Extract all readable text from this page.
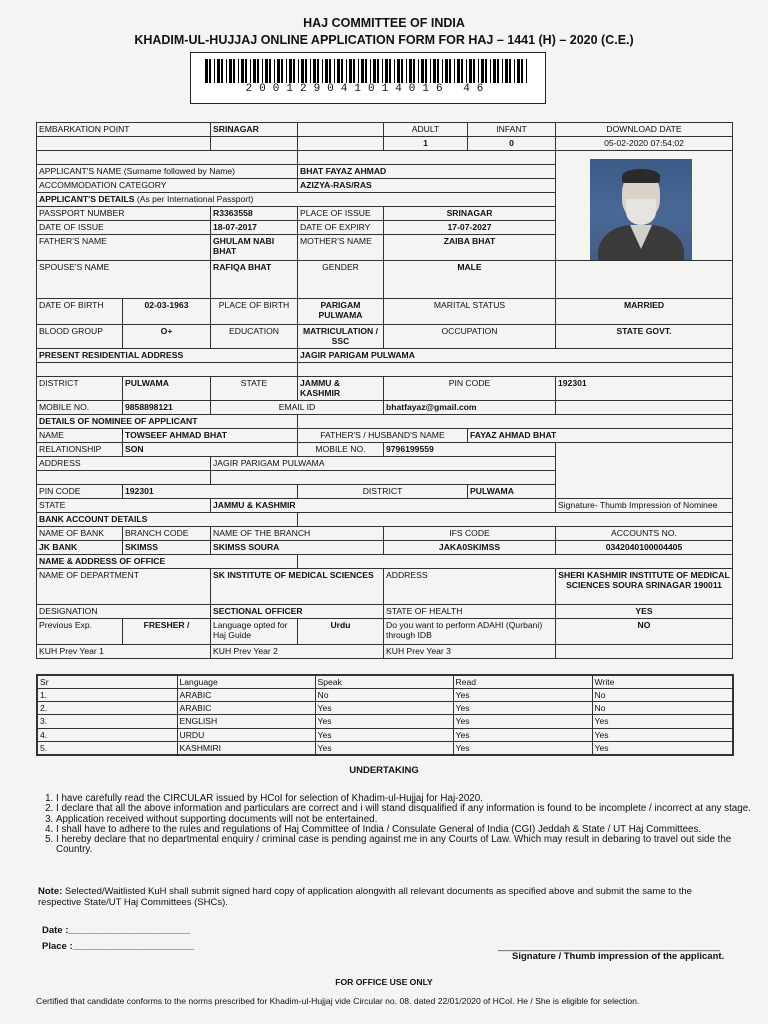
HAJ COMMITTEE OF INDIA
KHADIM-UL-HUJJAJ ONLINE APPLICATION FORM FOR HAJ – 1441 (H) – 2020 (C.E.)
200129041014016 46
EMBARKATION POINT		SRINAGAR		ADULT	INFANT	DOWNLOAD DATE
				1	0	05-02-2020 07:54:02

APPLICANT'S NAME (Surname followed by Name)			BHAT FAYAZ AHMAD			
ACCOMMODATION CATEGORY			AZIZYA-RAS/RAS			
APPLICANT'S DETAILS (As per International Passport)						
PASSPORT NUMBER		R3363558	PLACE OF ISSUE	SRINAGAR		
DATE OF ISSUE		18-07-2017	DATE OF EXPIRY	17-07-2027		
FATHER'S NAME		GHULAM NABI BHAT	MOTHER'S NAME	ZAIBA BHAT		
SPOUSE'S NAME		RAFIQA BHAT	GENDER	MALE		
DATE OF BIRTH	02-03-1963	PLACE OF BIRTH	PARIGAM PULWAMA	MARITAL STATUS		MARRIED
BLOOD GROUP	O+	EDUCATION	MATRICULATION / SSC	OCCUPATION		STATE GOVT.
PRESENT RESIDENTIAL ADDRESS			JAGIR PARIGAM PULWAMA			

DISTRICT	PULWAMA	STATE	JAMMU & KASHMIR	PIN CODE		192301
MOBILE NO.	9858898121	EMAIL ID		bhatfayaz@gmail.com		
DETAILS OF NOMINEE OF APPLICANT						
NAME	TOWSEEF AHMAD BHAT		FATHER'S / HUSBAND'S NAME		FAYAZ AHMAD BHAT	
RELATIONSHIP	SON		MOBILE NO.	9796199559		
ADDRESS		JAGIR PARIGAM PULWAMA				

PIN CODE	192301		DISTRICT		PULWAMA	
STATE		JAMMU & KASHMIR				Signature- Thumb Impression of Nominee
BANK ACCOUNT DETAILS						
NAME OF BANK	BRANCH CODE	NAME OF THE BRANCH		IFS CODE		ACCOUNTS NO.
JK BANK	SKIMSS	SKIMSS SOURA		JAKA0SKIMSS		0342040100004405
NAME & ADDRESS OF OFFICE						
NAME OF DEPARTMENT		SK INSTITUTE OF MEDICAL SCIENCES		ADDRESS		SHERI KASHMIR INSTITUTE OF MEDICAL SCIENCES SOURA SRINAGAR 190011
DESIGNATION		SECTIONAL OFFICER		STATE OF HEALTH		YES
Previous Exp.	FRESHER /	Language opted for Haj Guide	Urdu	Do you want to perform ADAHI (Qurbani) through IDB		NO
KUH Prev Year 1		KUH Prev Year 2		KUH Prev Year 3		
Sr	Language	Speak	Read	Write
1.	ARABIC	No	Yes	No
2.	ARABIC	Yes	Yes	No
3.	ENGLISH	Yes	Yes	Yes
4.	URDU	Yes	Yes	Yes
5.	KASHMIRI	Yes	Yes	Yes
UNDERTAKING
1. I have carefully read the CIRCULAR issued by HCoI for selection of Khadim-ul-Hujjaj for Haj-2020.
2. I declare that all the above information and particulars are correct and i will stand disqualified if any information is found to be incomplete / incorrect at any stage.
3. Application received without supporting documents will not be entertained.
4. I shall have to adhere to the rules and regulations of Haj Committee of India / Consulate General of India (CGI) Jeddah & State / UT Haj Committees.
5. I hereby declare that no departmental enquiry / criminal case is pending against me in any Courts of Law. Which may result in debaring to travel out side the Country.
Note: Selected/Waitlisted KuH shall submit signed hard copy of application alongwith all relevant documents as specified above and submit the same to the respective State/UT Haj Committees (SHCs).
Date :_______________________
Place :_______________________	__________________________________________
Signature / Thumb impression of the applicant.
FOR OFFICE USE ONLY
Certified that candidate conforms to the norms prescribed for Khadim-ul-Hujjaj vide Circular no. 08. dated 22/01/2020 of HCoI. He / She is eligible for selection.
